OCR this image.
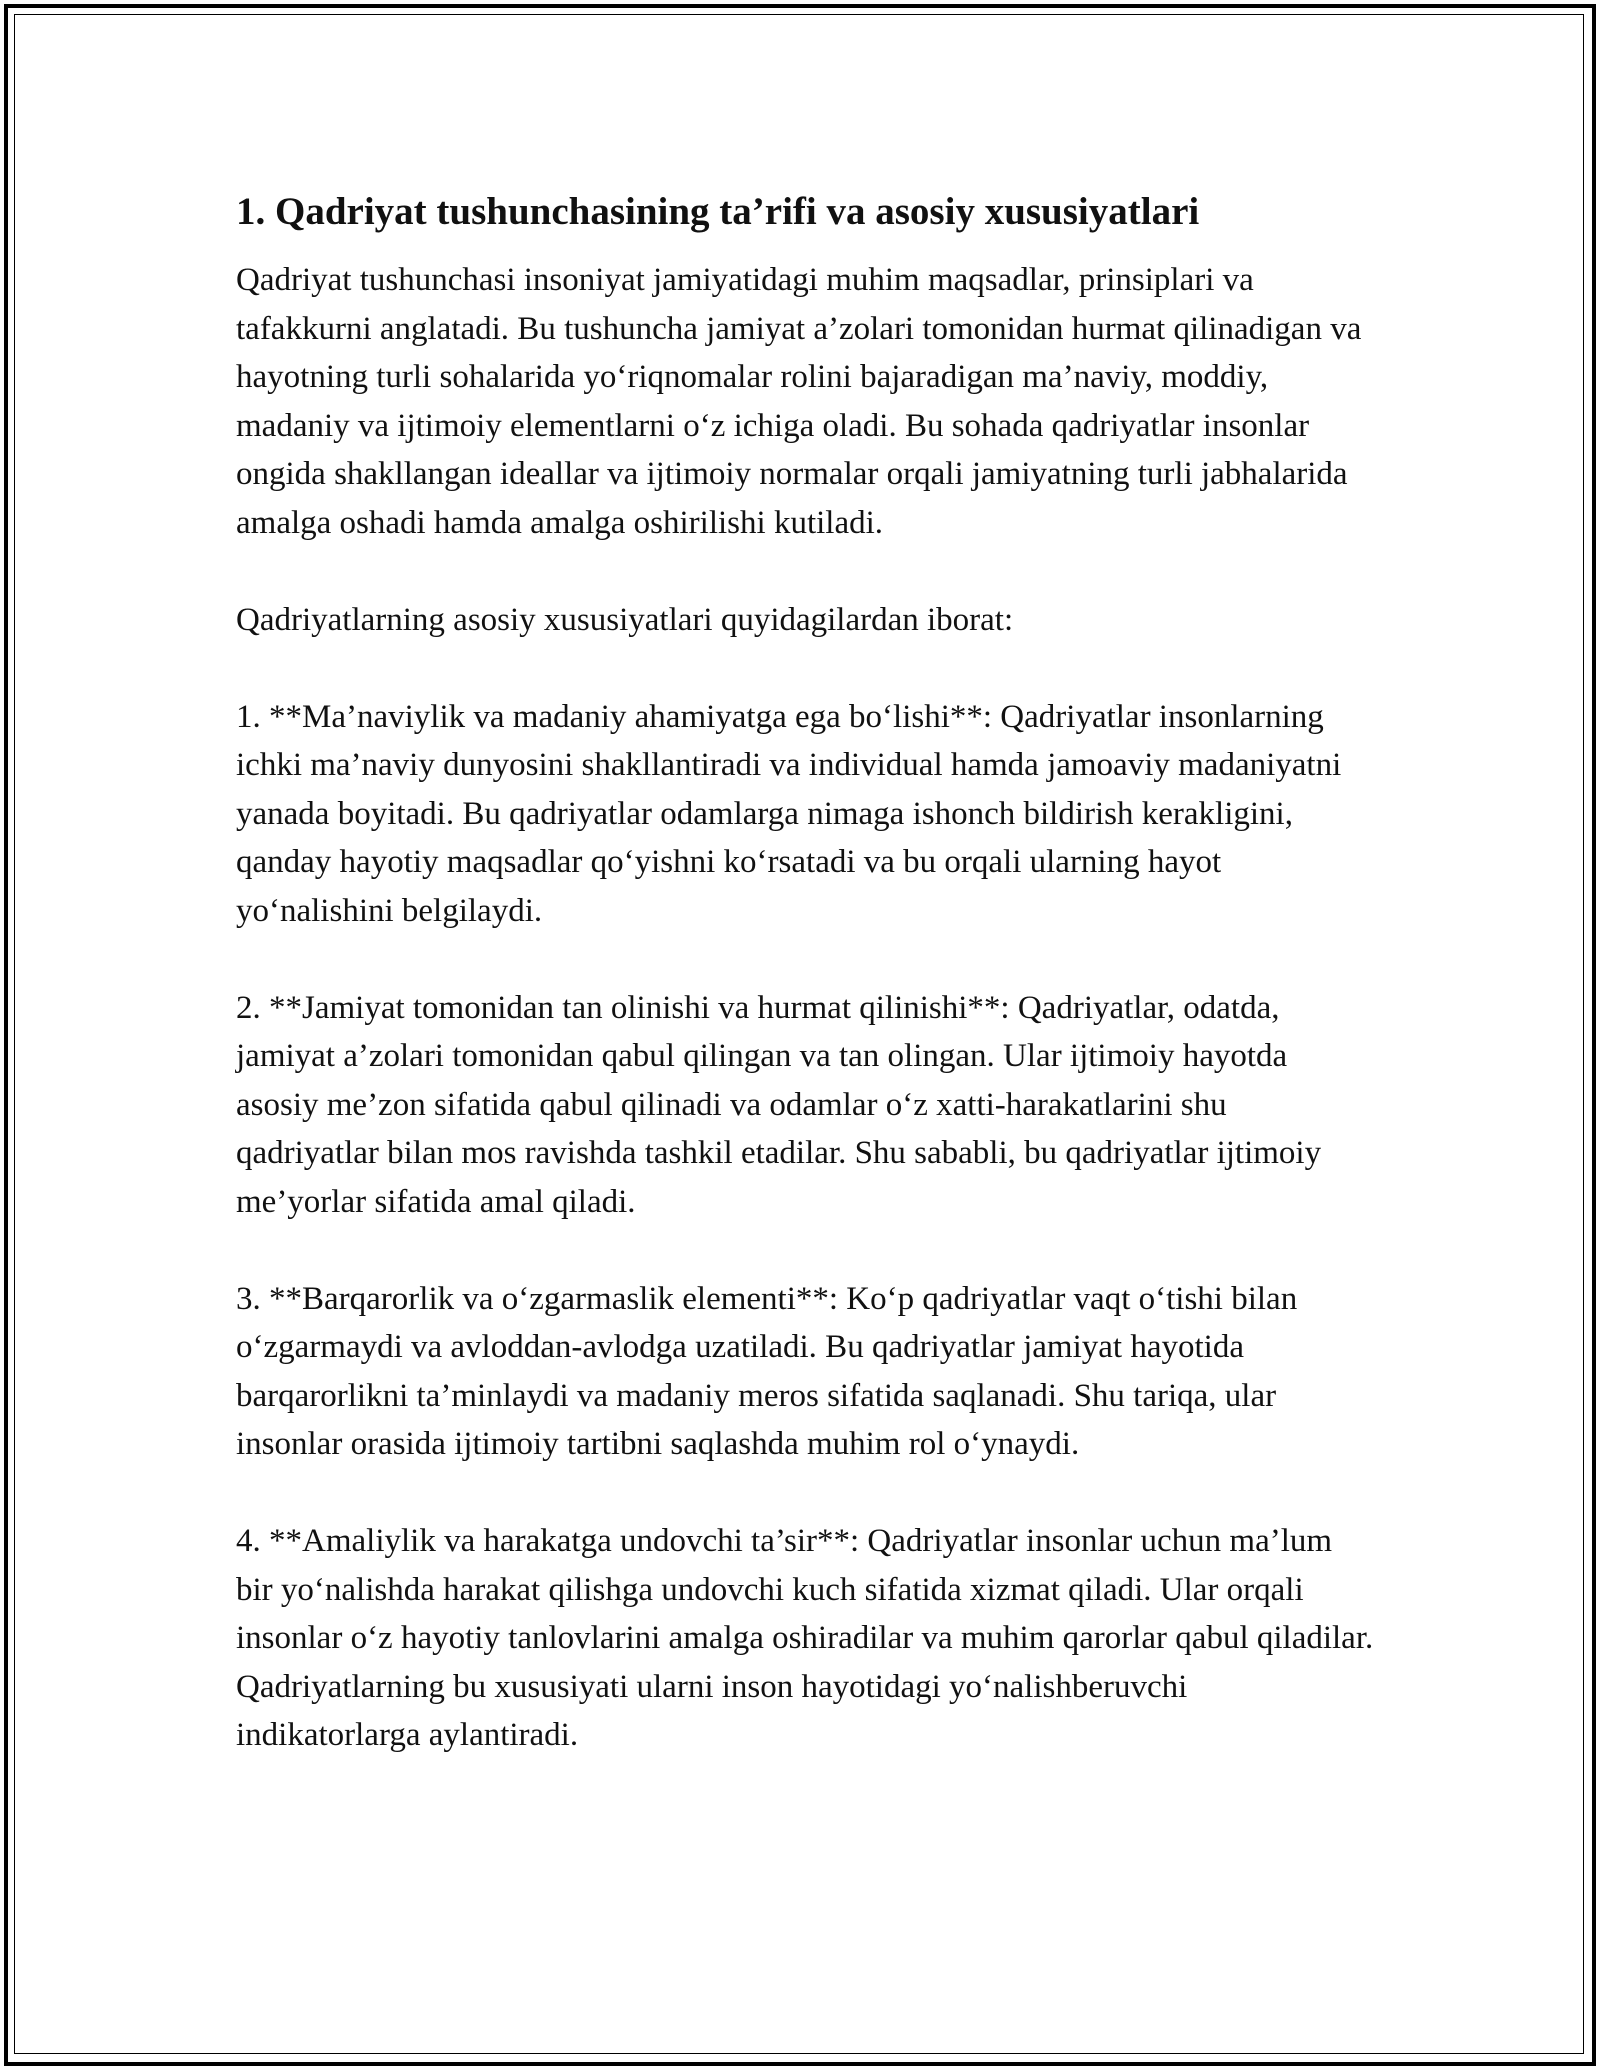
1. Qadriyat tushunchasining ta’rifi va asosiy xususiyatlari

Qadriyat tushunchasi insoniyat jamiyatidagi muhim maqsadlar, prinsiplari va tafakkurni anglatadi. Bu tushuncha jamiyat a’zolari tomonidan hurmat qilinadigan va hayotning turli sohalarida yo‘riqnomalar rolini bajaradigan ma’naviy, moddiy, madaniy va ijtimoiy elementlarni o‘z ichiga oladi. Bu sohada qadriyatlar insonlar ongida shakllangan ideallar va ijtimoiy normalar orqali jamiyatning turli jabhalarida amalga oshadi hamda amalga oshirilishi kutiladi.

Qadriyatlarning asosiy xususiyatlari quyidagilardan iborat:

1. **Ma’naviylik va madaniy ahamiyatga ega bo‘lishi**: Qadriyatlar insonlarning ichki ma’naviy dunyosini shakllantiradi va individual hamda jamoaviy madaniyatni yanada boyitadi. Bu qadriyatlar odamlarga nimaga ishonch bildirish kerakligini, qanday hayotiy maqsadlar qo‘yishni ko‘rsatadi va bu orqali ularning hayot yo‘nalishini belgilaydi.

2. **Jamiyat tomonidan tan olinishi va hurmat qilinishi**: Qadriyatlar, odatda, jamiyat a’zolari tomonidan qabul qilingan va tan olingan. Ular ijtimoiy hayotda asosiy me’zon sifatida qabul qilinadi va odamlar o‘z xatti-harakatlarini shu qadriyatlar bilan mos ravishda tashkil etadilar. Shu sababli, bu qadriyatlar ijtimoiy me’yorlar sifatida amal qiladi.

3. **Barqarorlik va o‘zgarmaslik elementi**: Ko‘p qadriyatlar vaqt o‘tishi bilan o‘zgarmaydi va avloddan-avlodga uzatiladi. Bu qadriyatlar jamiyat hayotida barqarorlikni ta’minlaydi va madaniy meros sifatida saqlanadi. Shu tariqa, ular insonlar orasida ijtimoiy tartibni saqlashda muhim rol o‘ynaydi.

4. **Amaliylik va harakatga undovchi ta’sir**: Qadriyatlar insonlar uchun ma’lum bir yo‘nalishda harakat qilishga undovchi kuch sifatida xizmat qiladi. Ular orqali insonlar o‘z hayotiy tanlovlarini amalga oshiradilar va muhim qarorlar qabul qiladilar. Qadriyatlarning bu xususiyati ularni inson hayotidagi yo‘nalishberuvchi indikatorlarga aylantiradi.
